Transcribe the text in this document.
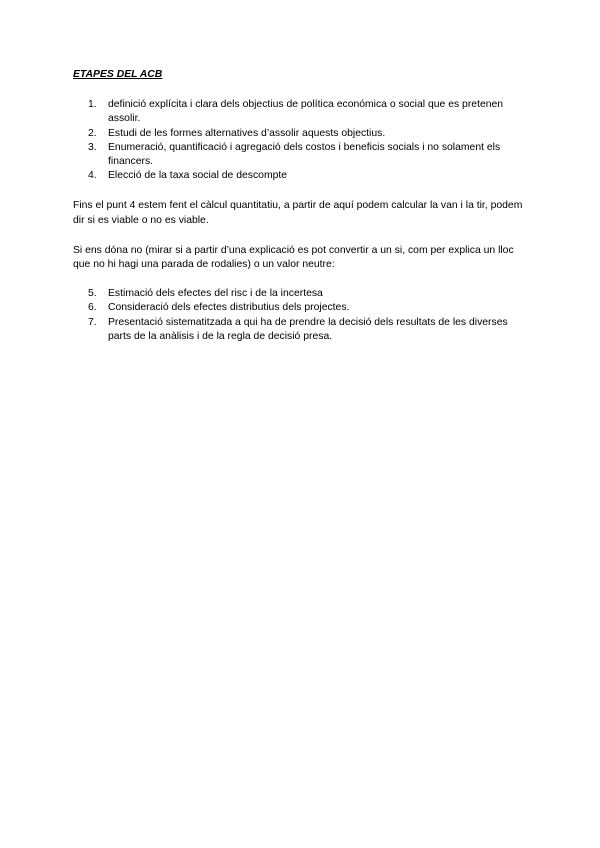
ETAPES DEL ACB
1. definició explícita i clara dels objectius de política económica o social que es pretenen assolir.
2. Estudi de les formes alternatives d’assolir aquests objectius.
3. Enumeració, quantificació i agregació dels costos i beneficis socials i no solament els financers.
4. Elecció de la taxa social de descompte

Fins el punt 4 estem fent el càlcul quantitatiu, a partir de aquí podem calcular la van i la tir, podem dir si es viable o no es viable.

Si ens dóna no (mirar si a partir d’una explicació es pot convertir a un si, com per explica un lloc que no hi hagi una parada de rodalies) o un valor neutre:

5. Estimació dels efectes del risc i de la incertesa
6. Consideració dels efectes distributius dels projectes.
7. Presentació sistematitzada a qui ha de prendre la decisió dels resultats de les diverses parts de la anàlisis i de la regla de decisió presa.
